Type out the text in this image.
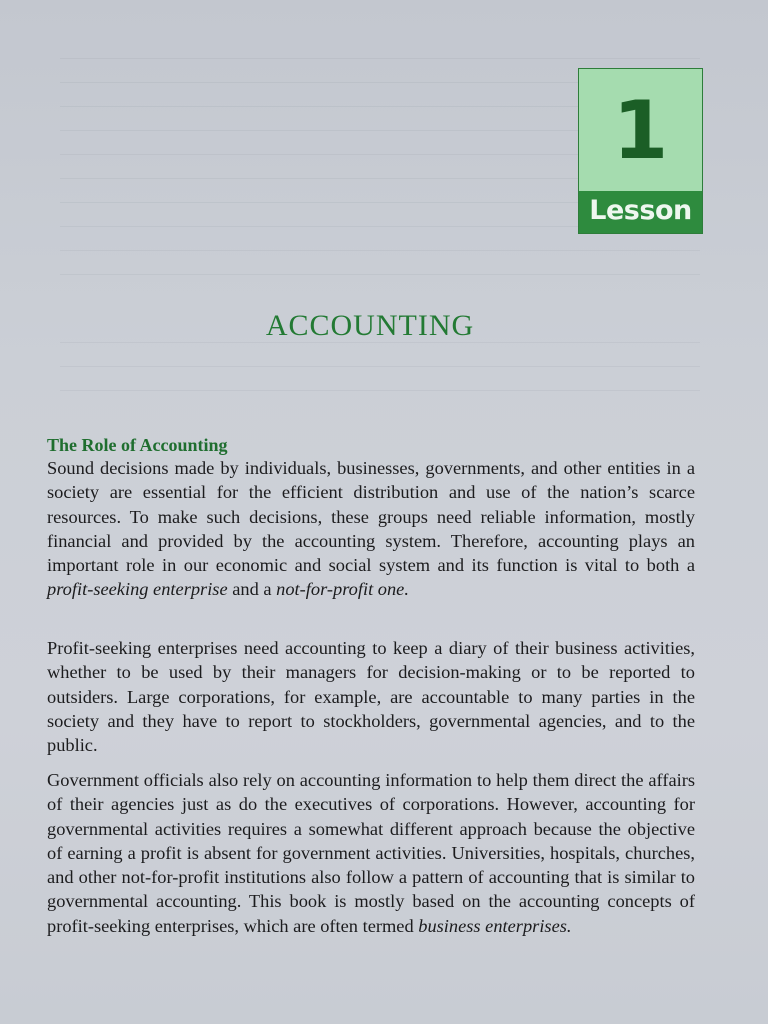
1
Lesson
ACCOUNTING
The Role of Accounting

Sound decisions made by individuals, businesses, governments, and other entities in a society are essential for the efficient distribution and use of the nation’s scarce resources. To make such decisions, these groups need reliable information, mostly financial and provided by the accounting system. Therefore, accounting plays an important role in our economic and social system and its function is vital to both a profit-seeking enterprise and a not-for-profit one.

Profit-seeking enterprises need accounting to keep a diary of their business activities, whether to be used by their managers for decision-making or to be reported to outsiders. Large corporations, for example, are accountable to many parties in the society and they have to report to stockholders, governmental agencies, and to the public.

Government officials also rely on accounting information to help them direct the affairs of their agencies just as do the executives of corporations. However, accounting for governmental activities requires a somewhat different approach because the objective of earning a profit is absent for government activities. Universities, hospitals, churches, and other not-for-profit institutions also follow a pattern of accounting that is similar to governmental accounting. This book is mostly based on the accounting concepts of profit-seeking enterprises, which are often termed business enterprises.
